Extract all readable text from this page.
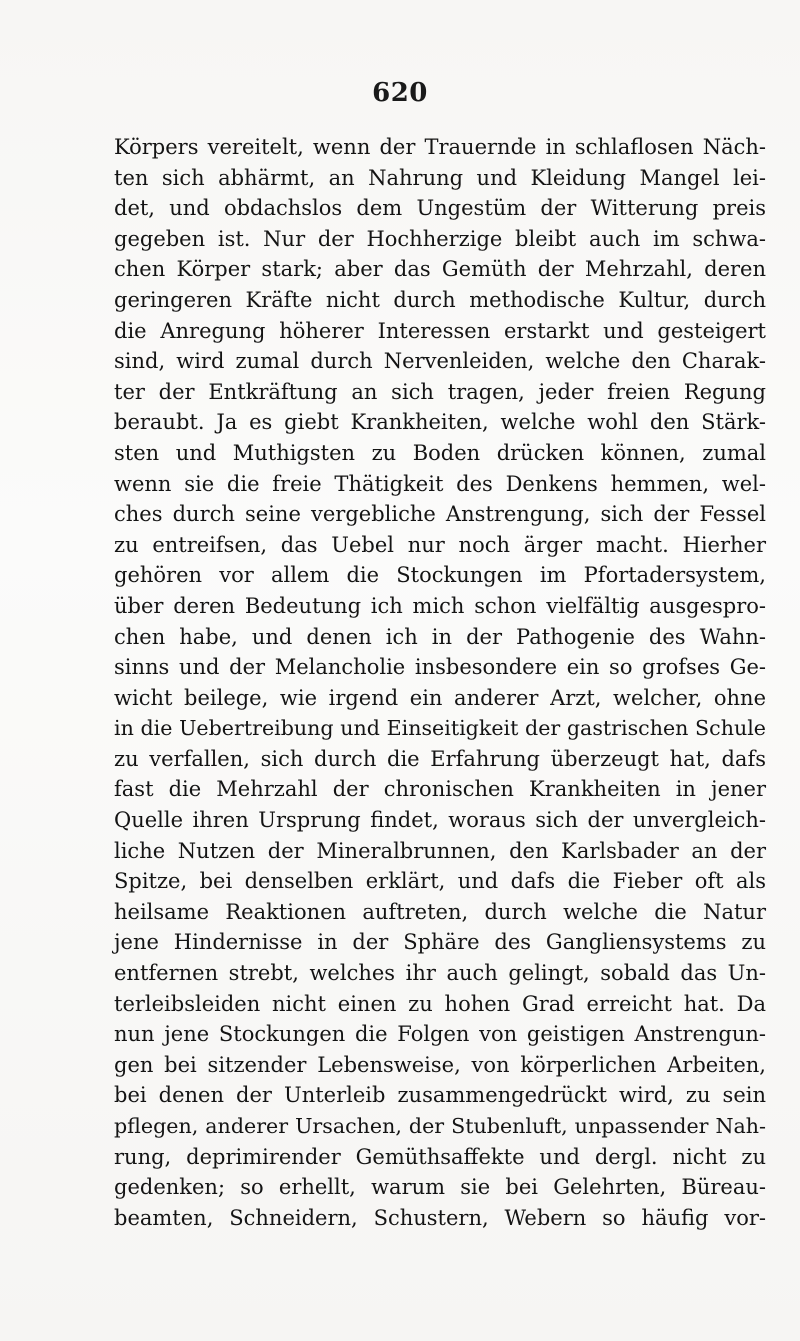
620
Körpers vereitelt, wenn der Trauernde in schlaflosen Näch-
ten sich abhärmt, an Nahrung und Kleidung Mangel lei-
det, und obdachslos dem Ungestüm der Witterung preis
gegeben ist. Nur der Hochherzige bleibt auch im schwa-
chen Körper stark; aber das Gemüth der Mehrzahl, deren
geringeren Kräfte nicht durch methodische Kultur, durch
die Anregung höherer Interessen erstarkt und gesteigert
sind, wird zumal durch Nervenleiden, welche den Charak-
ter der Entkräftung an sich tragen, jeder freien Regung
beraubt. Ja es giebt Krankheiten, welche wohl den Stärk-
sten und Muthigsten zu Boden drücken können, zumal
wenn sie die freie Thätigkeit des Denkens hemmen, wel-
ches durch seine vergebliche Anstrengung, sich der Fessel
zu entreifsen, das Uebel nur noch ärger macht. Hierher
gehören vor allem die Stockungen im Pfortadersystem,
über deren Bedeutung ich mich schon vielfältig ausgespro-
chen habe, und denen ich in der Pathogenie des Wahn-
sinns und der Melancholie insbesondere ein so grofses Ge-
wicht beilege, wie irgend ein anderer Arzt, welcher, ohne
in die Uebertreibung und Einseitigkeit der gastrischen Schule
zu verfallen, sich durch die Erfahrung überzeugt hat, dafs
fast die Mehrzahl der chronischen Krankheiten in jener
Quelle ihren Ursprung findet, woraus sich der unvergleich-
liche Nutzen der Mineralbrunnen, den Karlsbader an der
Spitze, bei denselben erklärt, und dafs die Fieber oft als
heilsame Reaktionen auftreten, durch welche die Natur
jene Hindernisse in der Sphäre des Gangliensystems zu
entfernen strebt, welches ihr auch gelingt, sobald das Un-
terleibsleiden nicht einen zu hohen Grad erreicht hat. Da
nun jene Stockungen die Folgen von geistigen Anstrengun-
gen bei sitzender Lebensweise, von körperlichen Arbeiten,
bei denen der Unterleib zusammengedrückt wird, zu sein
pflegen, anderer Ursachen, der Stubenluft, unpassender Nah-
rung, deprimirender Gemüthsaffekte und dergl. nicht zu
gedenken; so erhellt, warum sie bei Gelehrten, Büreau-
beamten, Schneidern, Schustern, Webern so häufig vor-
